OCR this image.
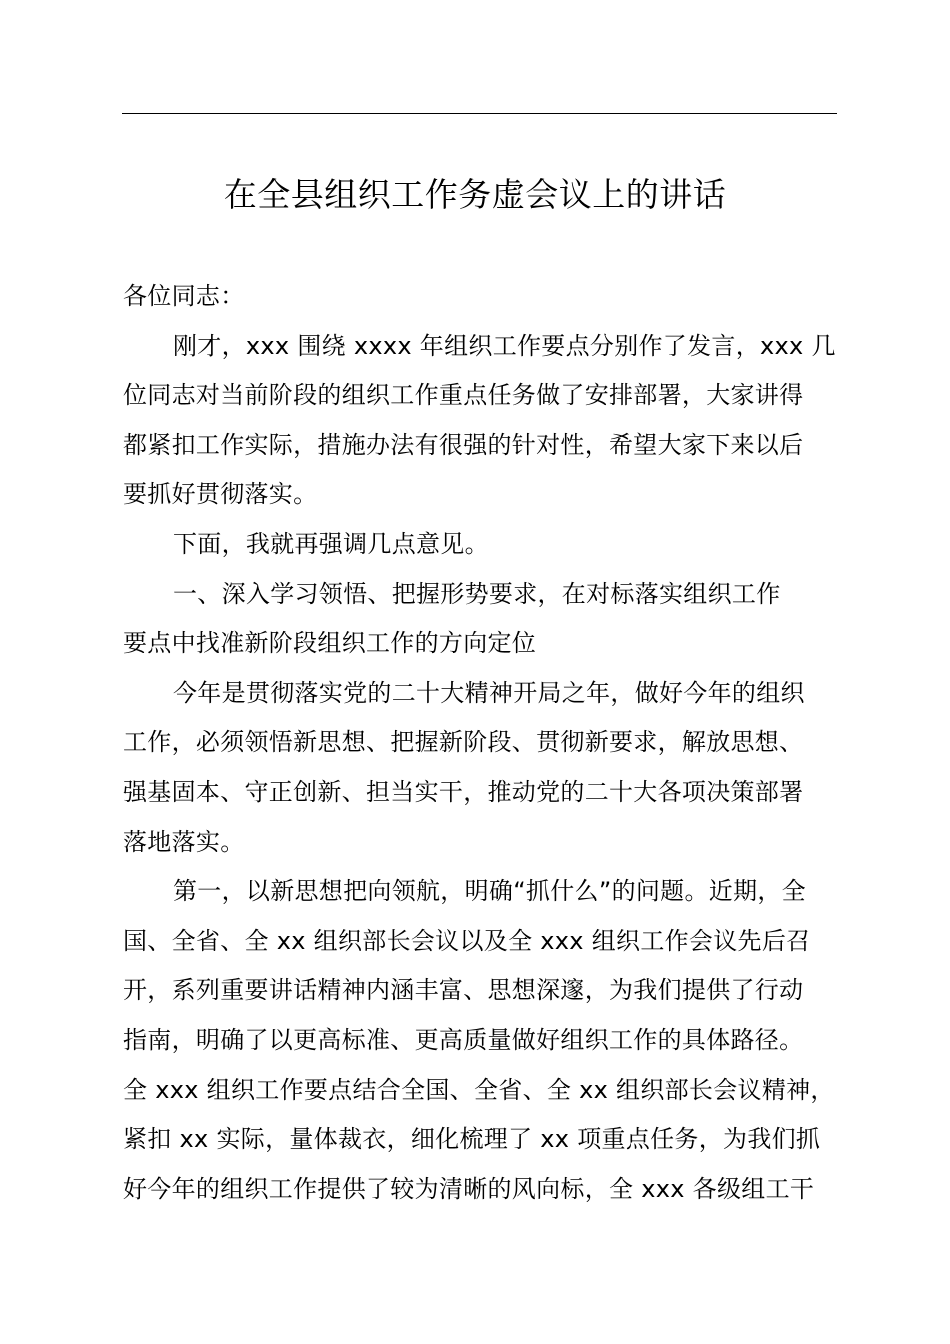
在全县组织工作务虚会议上的讲话
各位同志：
刚才，xxx 围绕 xxxx 年组织工作要点分别作了发言，xxx 几
位同志对当前阶段的组织工作重点任务做了安排部署，大家讲得
都紧扣工作实际，措施办法有很强的针对性，希望大家下来以后
要抓好贯彻落实。
下面，我就再强调几点意见。
一、深入学习领悟、把握形势要求，在对标落实组织工作
要点中找准新阶段组织工作的方向定位
今年是贯彻落实党的二十大精神开局之年，做好今年的组织
工作，必须领悟新思想、把握新阶段、贯彻新要求，解放思想、
强基固本、守正创新、担当实干，推动党的二十大各项决策部署
落地落实。
第一，以新思想把向领航，明确“抓什么”的问题。近期，全
国、全省、全 xx 组织部长会议以及全 xxx 组织工作会议先后召
开，系列重要讲话精神内涵丰富、思想深邃，为我们提供了行动
指南，明确了以更高标准、更高质量做好组织工作的具体路径。
全 xxx 组织工作要点结合全国、全省、全 xx 组织部长会议精神，
紧扣 xx 实际，量体裁衣，细化梳理了 xx 项重点任务，为我们抓
好今年的组织工作提供了较为清晰的风向标，全 xxx 各级组工干
